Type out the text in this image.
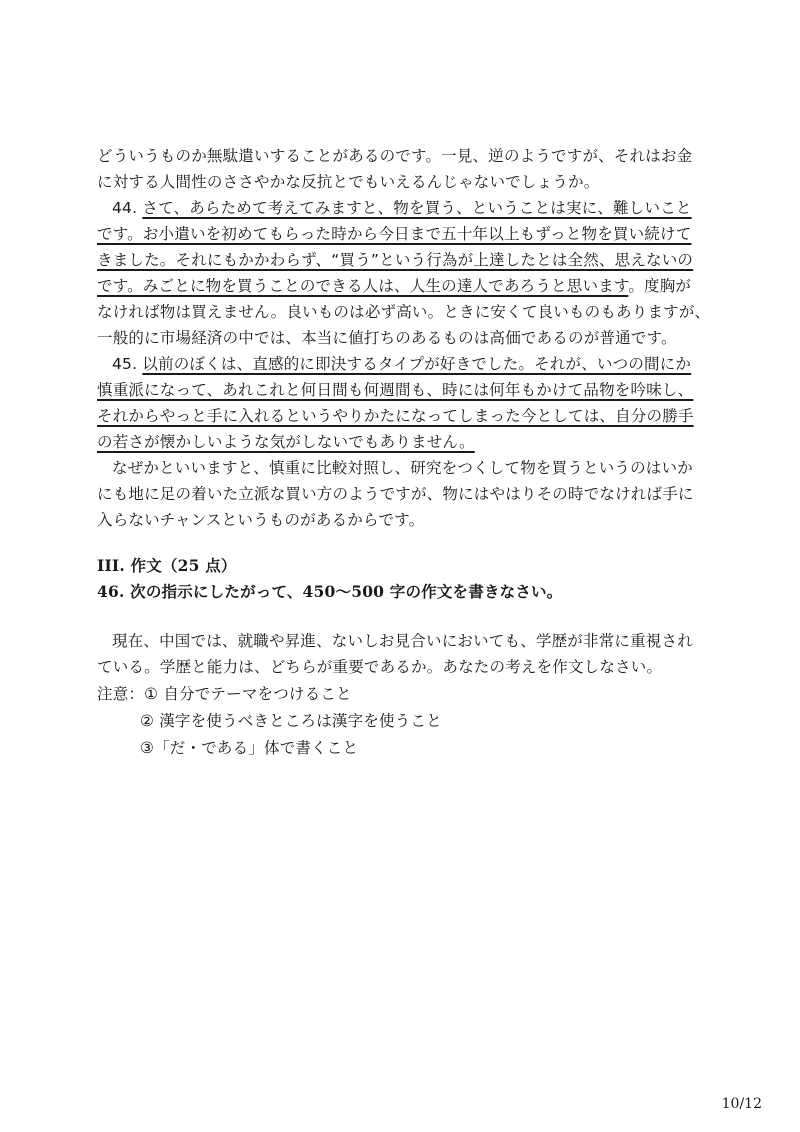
どういうものか無駄遣いすることがあるのです。一見、逆のようですが、それはお金
に対する人間性のささやかな反抗とでもいえるんじゃないでしょうか。
44. さて、あらためて考えてみますと、物を買う、ということは実に、難しいこと
です。お小遣いを初めてもらった時から今日まで五十年以上もずっと物を買い続けて
きました。それにもかかわらず、“買う”という行為が上達したとは全然、思えないの
です。みごとに物を買うことのできる人は、人生の達人であろうと思います。度胸が
なければ物は買えません。良いものは必ず高い。ときに安くて良いものもありますが、
一般的に市場経済の中では、本当に値打ちのあるものは高価であるのが普通です。
45. 以前のぼくは、直感的に即決するタイプが好きでした。それが、いつの間にか
慎重派になって、あれこれと何日間も何週間も、時には何年もかけて品物を吟味し、
それからやっと手に入れるというやりかたになってしまった今としては、自分の勝手
の若さが懐かしいような気がしないでもありません。
なぜかといいますと、慎重に比較対照し、研究をつくして物を買うというのはいか
にも地に足の着いた立派な買い方のようですが、物にはやはりその時でなければ手に
入らないチャンスというものがあるからです。
III. 作文（25 点）
46. 次の指示にしたがって、450～500 字の作文を書きなさい。
現在、中国では、就職や昇進、ないしお見合いにおいても、学歴が非常に重視され
ている。学歴と能力は、どちらが重要であるか。あなたの考えを作文しなさい。
注意：① 自分でテーマをつけること
② 漢字を使うべきところは漢字を使うこと
③「だ・である」体で書くこと
10/12
